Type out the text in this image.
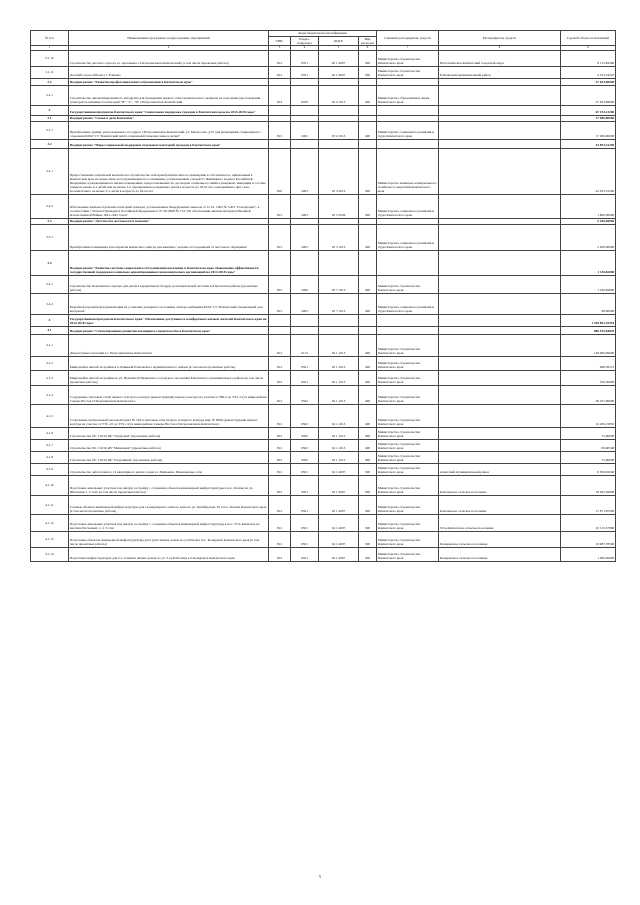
№ п/п	Наименование программы, подпрограммы, мероприятий	Коды бюджетной классификации				Главный распорядитель средств	Распорядитель средств	Годовой объем ассигнований
		ГРБС	Раздел, подраздел	КЦСР	Вид расходов			
1	2	3	4	5	6	7	8	9
2.1.10	Строительство детского сада на ул. Арсеньева, г.Петропавловск-Камчатский ( в том числе проектные работы)	812	0701	02 1 4007	500	Министерство строительства Камчатского края	Петропавловск-Камчатский городской округ	8 115,84300
2.1.11	Детский сад на 260 мест г. Елизово	812	0701	02 1 4007	500	Министерство строительства Камчатского края	Елизовский муниципальный район	4 523,34347
2.2	Подпрограмма "Развитие профессионального образования в Камчатском крае"							27 653,98000
2.2.1	Строительство автоматизированного автодрома для проведения первого этапа практического экзамена на получение удостоверения тракториста-машиниста категорий "В", "С", "D" г.Петропавловск-Камчатский	813	0709	02 2 1013	400	Министерство образования и науки Камчатского края		27 653,98000
3	Государственная программа Камчатского края "Социальная поддержка граждан в Камчатском крае на 2014-2018 годы"							67 152,13200
3.1	Подпрограмма "Семья и дети Камчатки"							17 000,00000
3.1.1	Приобретение здания, расположенного по адресу г.Петропавловск-Камчатский, ул. Матросова, д.37 для размещения стационарного отделения КГАУ СЗ "Камчатский центр социальной помощи семье и детям"	815	1002	03 2 1013	400	Министерство социального развития и труда Камчатского края		17 000,00000
3.2	Подпрограмма "Меры социальной поддержки отдельных категорий граждан в Камчатском крае"							43 853,31200
3.2.1	Предоставление социальной выплаты на строительство или приобретение жилого помещения в собственность, признанным в Камчатском крае на менее пяти лет и признанным по основаниям, установленным статьей 51 Жилищного кодекса Российской Федерации, нуждающимися в жилых помещениях, предоставляемых по договорам социального найма гражданам, имеющим в составе семьи не менее 4-х детей или не менее 3-х одновременно рожденных детей в возрасте до 18-ти лет, одновременно при этом, восьмилетнего не менее 3-х детей в возрасте до 18-ти лет	810	1003	03 3 2012	300	Министерство жилищно-коммунального хозяйства и энергетики Камчатского края		42 053,31200
3.2.2	Обеспечение жильем отдельных категорий граждан, установленных Федеральным законом от 12 01. 1995 № 5-ФЗ "О ветеранах", в соответствии с Указом Президента Российской Федерации от 07.05.2008 № 714 "Об обеспечении жильем ветеранов Великой Отечественной Войны 1941-1945 годов"	815	1003	03 3 5036	300	Министерство социального развития и труда Камчатского края		1 800,00000
3.3	Подпрограмма "Детство без жестокости и насилия"							5 200,00000
3.3.1	Приобретение помещения для открытия кризисного центра для женщин с детьми, пострадавших от жестокого обращения	815	1002	03 5 1013	400	Министерство социального развития и труда Камчатского края		5 200,00000
3.4	Подпрограмма "Развитие системы социального обслуживания населения в Камчатском крае. Повышение эффективности государственной поддержки социально ориентированных некоммерческих организаций на 2014-2018 годы"							1 118,82000
3.4.1	Строительство Ковалевского центра для детей в кардиальном оборудо-дополнительной системы в Елизовском районе (проектные работы)	815	1006	03 7 1013	400	Министерство строительства Камчатского края		1 020,82000
3.4.2	Разработка проектной документации на установку резервного источника электроснабжения КГАУ СЗ "Камчатский специальный дом ветеранов"	815	1002	03 7 1013	400	Министерство социального развития и труда Камчатского края		98,00000
4	Государственная программа Камчатского края "Обеспечение доступным и комфортным жильем жителей Камчатского края на 2014-2018 годы"							1 359 891,35516
4.1	Подпрограмма "Стимулирование развития жилищного строительства в Камчатском крае"							886 525,84843
4.1.1	Дворец бракосочетания в г. Петропавловске-Камчатском	812	0113	04 1 1013	400	Министерство строительства Камчатского края		148 000,00000
4.1.2	Микрорайон жилой застройки в п.Длинный Елизовского муниципального района (в том числе проектные работы)	812	0501	04 1 1013	400	Министерство строительства Камчатского края		968,59513
4.1.3	Микрорайон жилой застройки по ул. Вулканной Вулканного городского поселения Елизовского муниципального района (в том числе проектные работы)	812	0501	04 1 1013	400	Министерство строительства Камчатского края		556,50000
4.1.4	Сооружение тепловых сетей первого и второго контура (реконструкция) первого контура на участке от НК-2 до УТС-12) в микрорайоне Северо-Восток г.Петропавловск-Камчатского	812	0502	04 1 1013	400	Министерство строительства Камчатского края		36 257,00000
4.1.5	Сооружение центральный тепловой пункт № 318 и тепловые сети второго и первого контура инв. № 8299 (реконструкция первого контура на участке от УТС-22 до УТС-12) в микрорайоне Северо-Восток г.Петропавловск-Камчатского	812	0502	04 1 1013	400	Министерство строительства Камчатского края		16 209,15853
4.1.6	Строительство ПС 110/10 кВ "Тундровая" (проектные работы)	812	0502	04 1 1013	400	Министерство строительства Камчатского края		75,00000
4.1.7	Строительство ПС 110/10 кВ "Мишенная" (проектные работы)	812	0502	04 1 1013	400	Министерство строительства Камчатского края		69,60548
4.1.8	Строительство ПС 110/10 кВ "Спортивная" (проектные работы)	812	0502	04 1 1013	400	Министерство строительства Камчатского края		75,00000
4.1.9	Строительство двухэтажного 12 квартирного жилого дома в с.Мильково. Инженерные сети	812	0501	04 1 4007	500	Министерство строительства Камчатского края	Азиатский муниципальный район	6 309,65040
4.1.10	Подготовка земельных участков под жилую застройку с созданием объектов инженерной инфраструктуры в пос. Ключи по ул. Школьная 1, 2 этап. (в том числе проектные работы)	812	0501	04 1 4007	500	Министерство строительства Камчатского края	Ключевское сельское поселение	18 292,59906
4.1.11	Сетевые объекты инженерной инфраструктуры для 12-квартирного жилого дома по ул. Октябрьская, 30 в пос. Ключи Камчатского края (в том числе проектные работы)	812	0501	04 1 4007	500	Министерство строительства Камчатского края	Ключевское сельское поселение	17 871,87000
4.1.12	Подготовка земельных участков под жилую застройку с созданием объектов инженерной инфраструктуры в пос. Усть-Камчатск на массиве Песчаный, 1, 2, 3 этап	812	0501	04 1 4007	500	Министерство строительства Камчатского края	Усть-Камчатское сельское поселение	45 115,37800
4.1.13	Подготовка объектов инженерной инфраструктуры для групп жилых домов по ул.Новой в пос. Козыревск Камчатского края (в том числе проектные работы)	812	0501	04 1 4007	500	Министерство строительства Камчатского края	Козыревское сельское поселение	19 987,78500
4.1.14	Подготовка инфраструктуры для 2-х этажных жилых домов по ул. 3-ер Рабочему в п.Козыревск Камчатского края	812	0501	04 1 4007	500	Министерство строительства Камчатского края	Козыревское сельское поселение	1 000,00000
5
